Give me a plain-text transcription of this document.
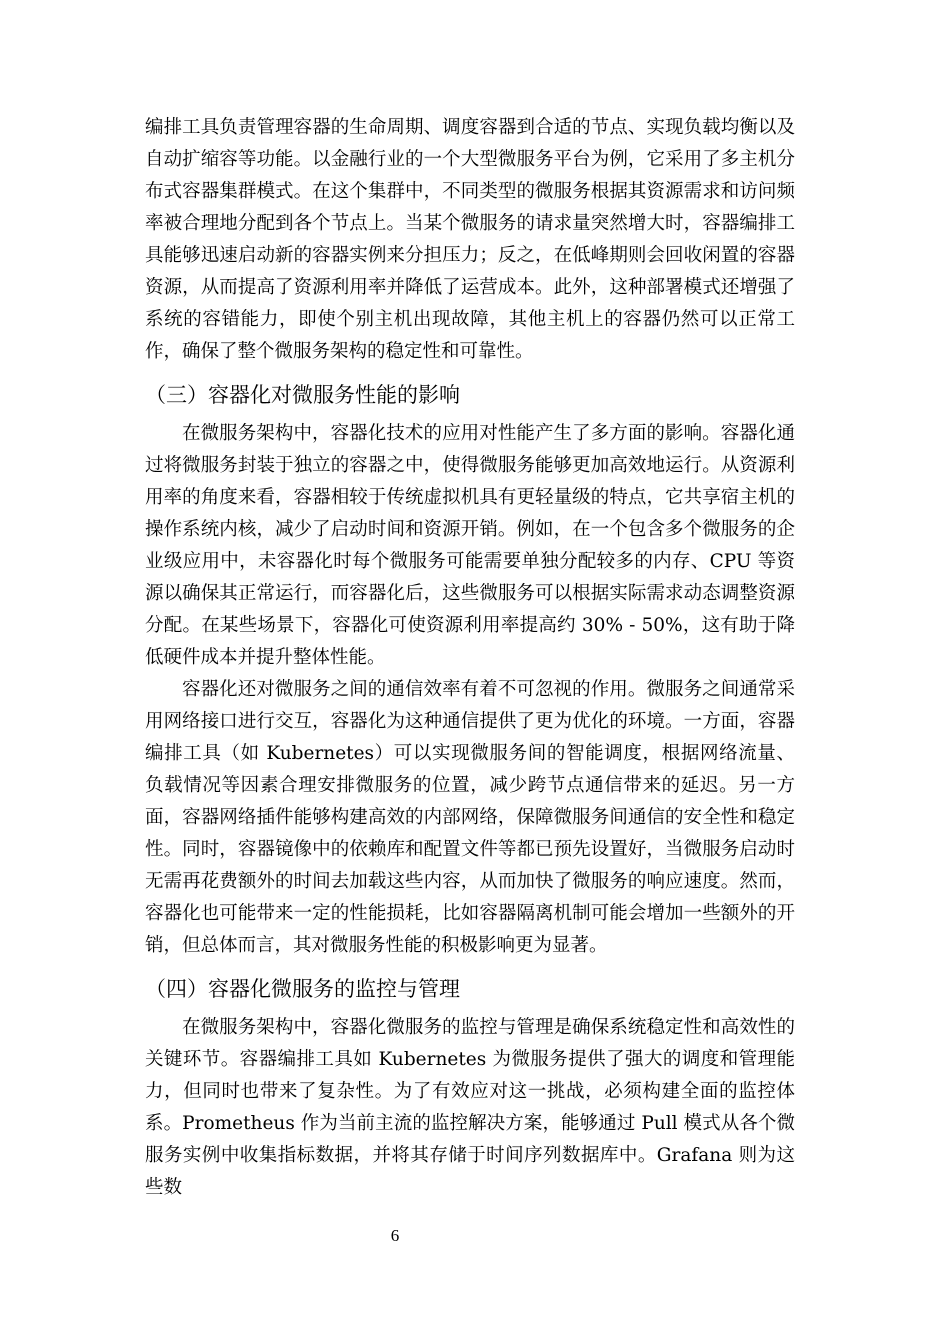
编排工具负责管理容器的生命周期、调度容器到合适的节点、实现负载均衡以及自动扩缩容等功能。以金融行业的一个大型微服务平台为例，它采用了多主机分布式容器集群模式。在这个集群中，不同类型的微服务根据其资源需求和访问频率被合理地分配到各个节点上。当某个微服务的请求量突然增大时，容器编排工具能够迅速启动新的容器实例来分担压力；反之，在低峰期则会回收闲置的容器资源，从而提高了资源利用率并降低了运营成本。此外，这种部署模式还增强了系统的容错能力，即使个别主机出现故障，其他主机上的容器仍然可以正常工作，确保了整个微服务架构的稳定性和可靠性。

（三）容器化对微服务性能的影响

在微服务架构中，容器化技术的应用对性能产生了多方面的影响。容器化通过将微服务封装于独立的容器之中，使得微服务能够更加高效地运行。从资源利用率的角度来看，容器相较于传统虚拟机具有更轻量级的特点，它共享宿主机的操作系统内核，减少了启动时间和资源开销。例如，在一个包含多个微服务的企业级应用中，未容器化时每个微服务可能需要单独分配较多的内存、CPU 等资源以确保其正常运行，而容器化后，这些微服务可以根据实际需求动态调整资源分配。在某些场景下，容器化可使资源利用率提高约 30% - 50%，这有助于降低硬件成本并提升整体性能。

容器化还对微服务之间的通信效率有着不可忽视的作用。微服务之间通常采用网络接口进行交互，容器化为这种通信提供了更为优化的环境。一方面，容器编排工具（如 Kubernetes）可以实现微服务间的智能调度，根据网络流量、负载情况等因素合理安排微服务的位置，减少跨节点通信带来的延迟。另一方面，容器网络插件能够构建高效的内部网络，保障微服务间通信的安全性和稳定性。同时，容器镜像中的依赖库和配置文件等都已预先设置好，当微服务启动时无需再花费额外的时间去加载这些内容，从而加快了微服务的响应速度。然而，容器化也可能带来一定的性能损耗，比如容器隔离机制可能会增加一些额外的开销，但总体而言，其对微服务性能的积极影响更为显著。

（四）容器化微服务的监控与管理

在微服务架构中，容器化微服务的监控与管理是确保系统稳定性和高效性的关键环节。容器编排工具如 Kubernetes 为微服务提供了强大的调度和管理能力，但同时也带来了复杂性。为了有效应对这一挑战，必须构建全面的监控体系。Prometheus 作为当前主流的监控解决方案，能够通过 Pull 模式从各个微服务实例中收集指标数据，并将其存储于时间序列数据库中。Grafana 则为这些数

6
